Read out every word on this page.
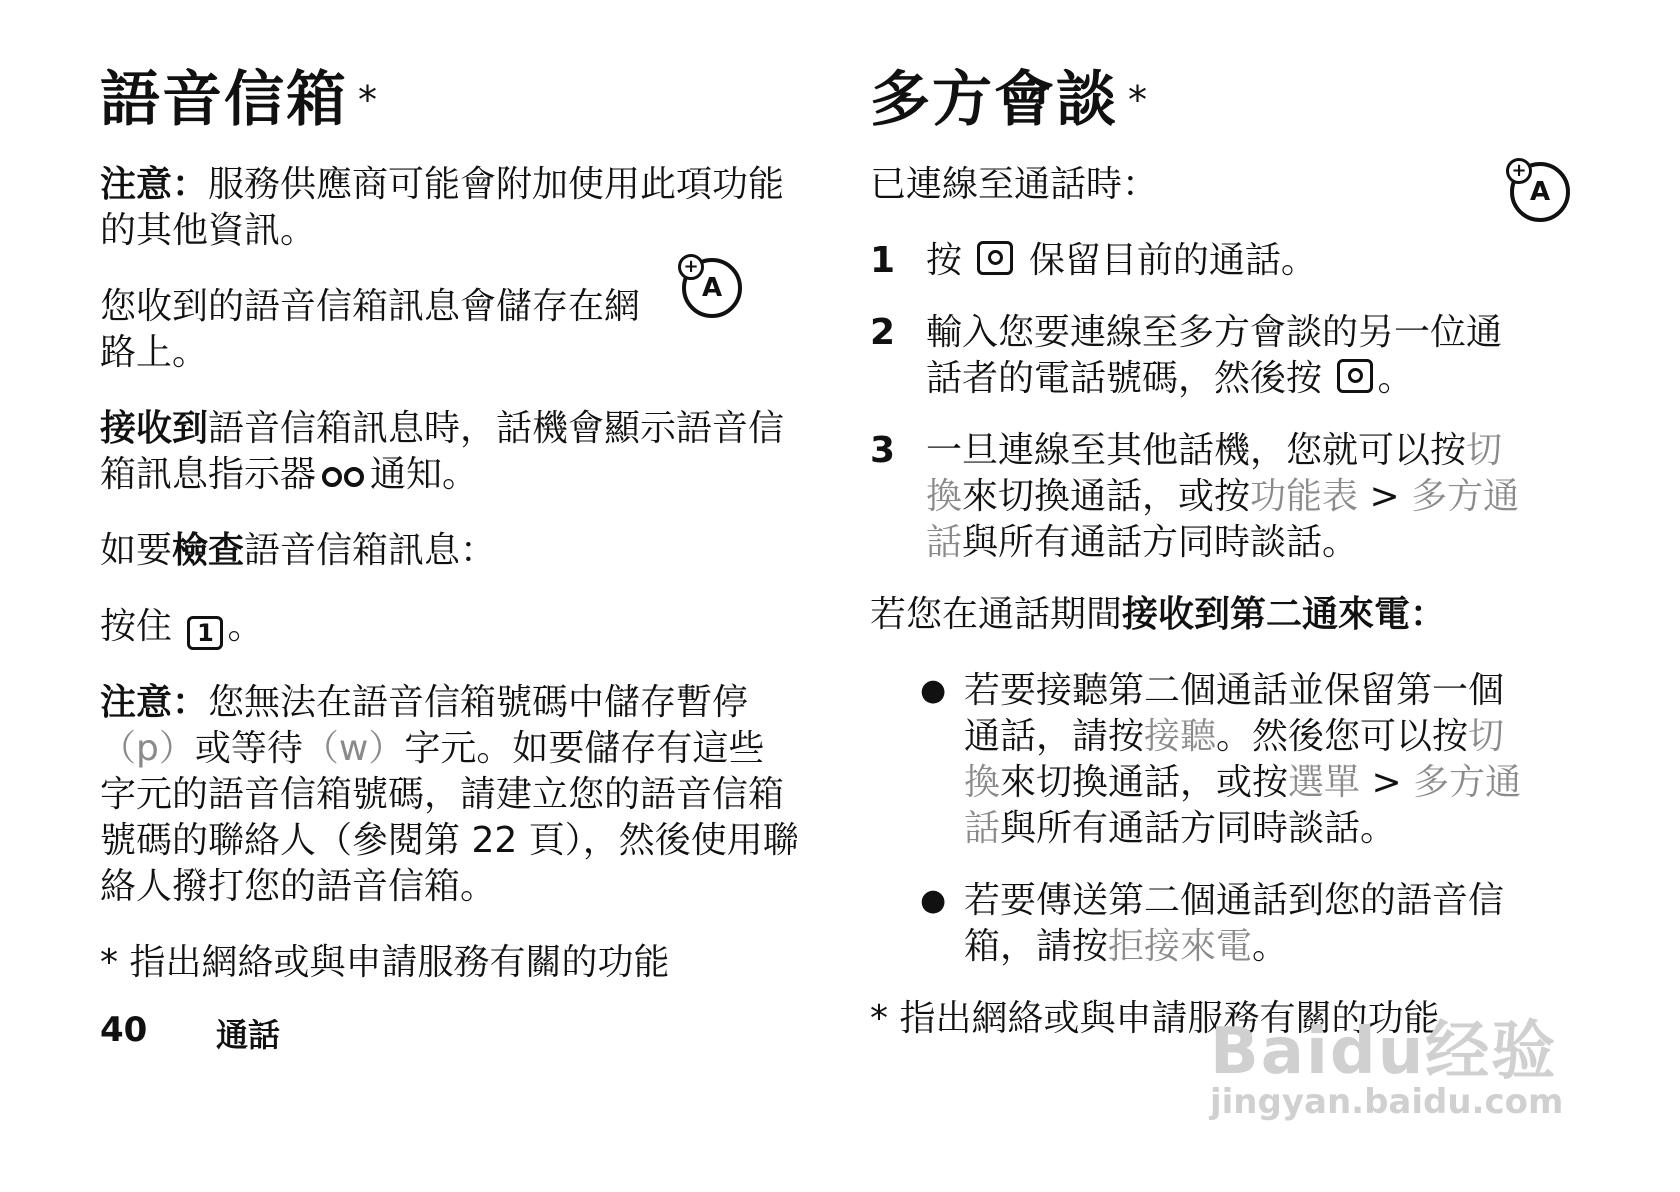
語音信箱 *

注意：服務供應商可能會附加使用此項功能的其他資訊。

您收到的語音信箱訊息會儲存在網路上。

+
A

接收到語音信箱訊息時，話機會顯示語音信箱訊息指示器 通知。

如要檢查語音信箱訊息：

按住 1 。

注意：您無法在語音信箱號碼中儲存暫停（p）或等待（w）字元。如要儲存有這些字元的語音信箱號碼，請建立您的語音信箱號碼的聯絡人（參閱第 22 頁），然後使用聯絡人撥打您的語音信箱。

* 指出網絡或與申請服務有關的功能

多方會談 *

已連線至通話時：	+
A
1 按 保留目前的通話。
2 輸入您要連線至多方會談的另一位通話者的電話號碼，然後按 。
3 一旦連線至其他話機，您就可以按切換來切換通話，或按功能表 > 多方通話與所有通話方同時談話。

若您在通話期間接收到第二通來電：

● 若要接聽第二個通話並保留第一個通話，請按接聽。然後您可以按切換來切換通話，或按選單 > 多方通話與所有通話方同時談話。
● 若要傳送第二個通話到您的語音信箱，請按拒接來電。

* 指出網絡或與申請服務有關的功能

40 通話	Baidu经验
jingyan.baidu.com
